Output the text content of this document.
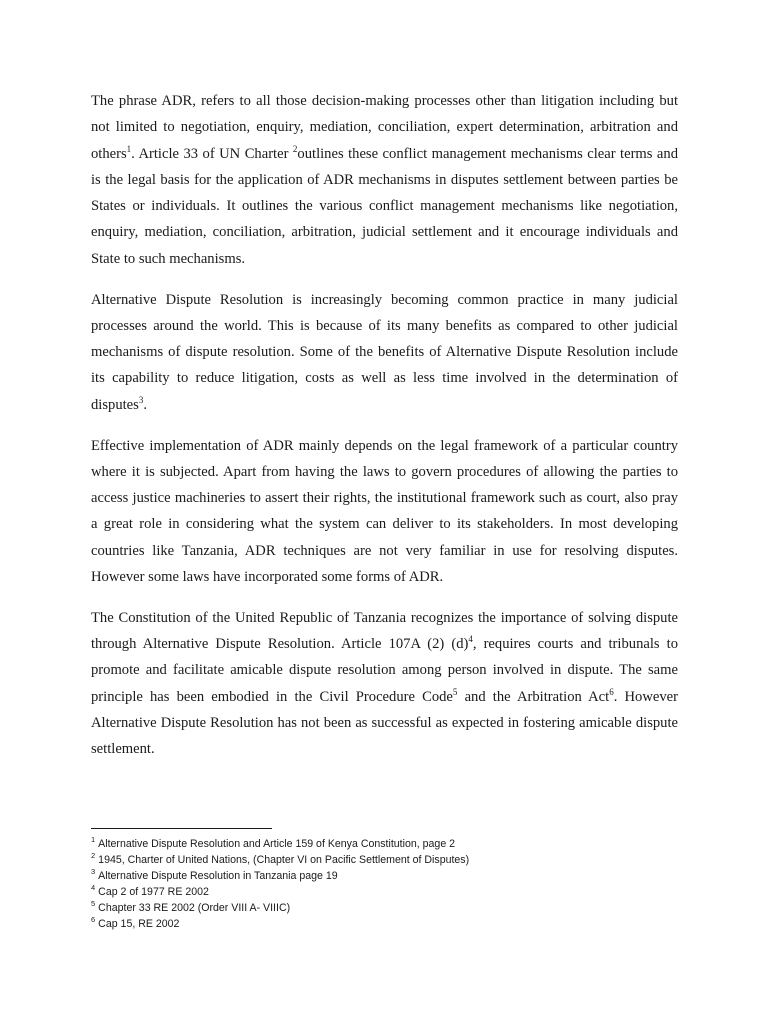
The phrase ADR, refers to all those decision-making processes other than litigation including but not limited to negotiation, enquiry, mediation, conciliation, expert determination, arbitration and others$^1$. Article 33 of UN Charter $^2$outlines these conflict management mechanisms clear terms and is the legal basis for the application of ADR mechanisms in disputes settlement between parties be States or individuals. It outlines the various conflict management mechanisms like negotiation, enquiry, mediation, conciliation, arbitration, judicial settlement and it encourage individuals and State to such mechanisms.

Alternative Dispute Resolution is increasingly becoming common practice in many judicial processes around the world. This is because of its many benefits as compared to other judicial mechanisms of dispute resolution. Some of the benefits of Alternative Dispute Resolution include its capability to reduce litigation, costs as well as less time involved in the determination of disputes$^3$.

Effective implementation of ADR mainly depends on the legal framework of a particular country where it is subjected. Apart from having the laws to govern procedures of allowing the parties to access justice machineries to assert their rights, the institutional framework such as court, also pray a great role in considering what the system can deliver to its stakeholders. In most developing countries like Tanzania, ADR techniques are not very familiar in use for resolving disputes. However some laws have incorporated some forms of ADR.

The Constitution of the United Republic of Tanzania recognizes the importance of solving dispute through Alternative Dispute Resolution. Article 107A (2) $(d)^4$, requires courts and tribunals to promote and facilitate amicable dispute resolution among person involved in dispute. The same principle has been embodied in the Civil Procedure Code$^5$ and the Arbitration Act$^6$. However Alternative Dispute Resolution has not been as successful as expected in fostering amicable dispute settlement.

$^1$ Alternative Dispute Resolution and Article 159 of Kenya Constitution, page 2
$^2$ 1945, Charter of United Nations, (Chapter VI on Pacific Settlement of Disputes)
$^3$ Alternative Dispute Resolution in Tanzania page 19
$^4$ Cap 2 of 1977 RE 2002
$^5$ Chapter 33 RE 2002 (Order VIII A- VIIIC)
$^6$ Cap 15, RE 2002
